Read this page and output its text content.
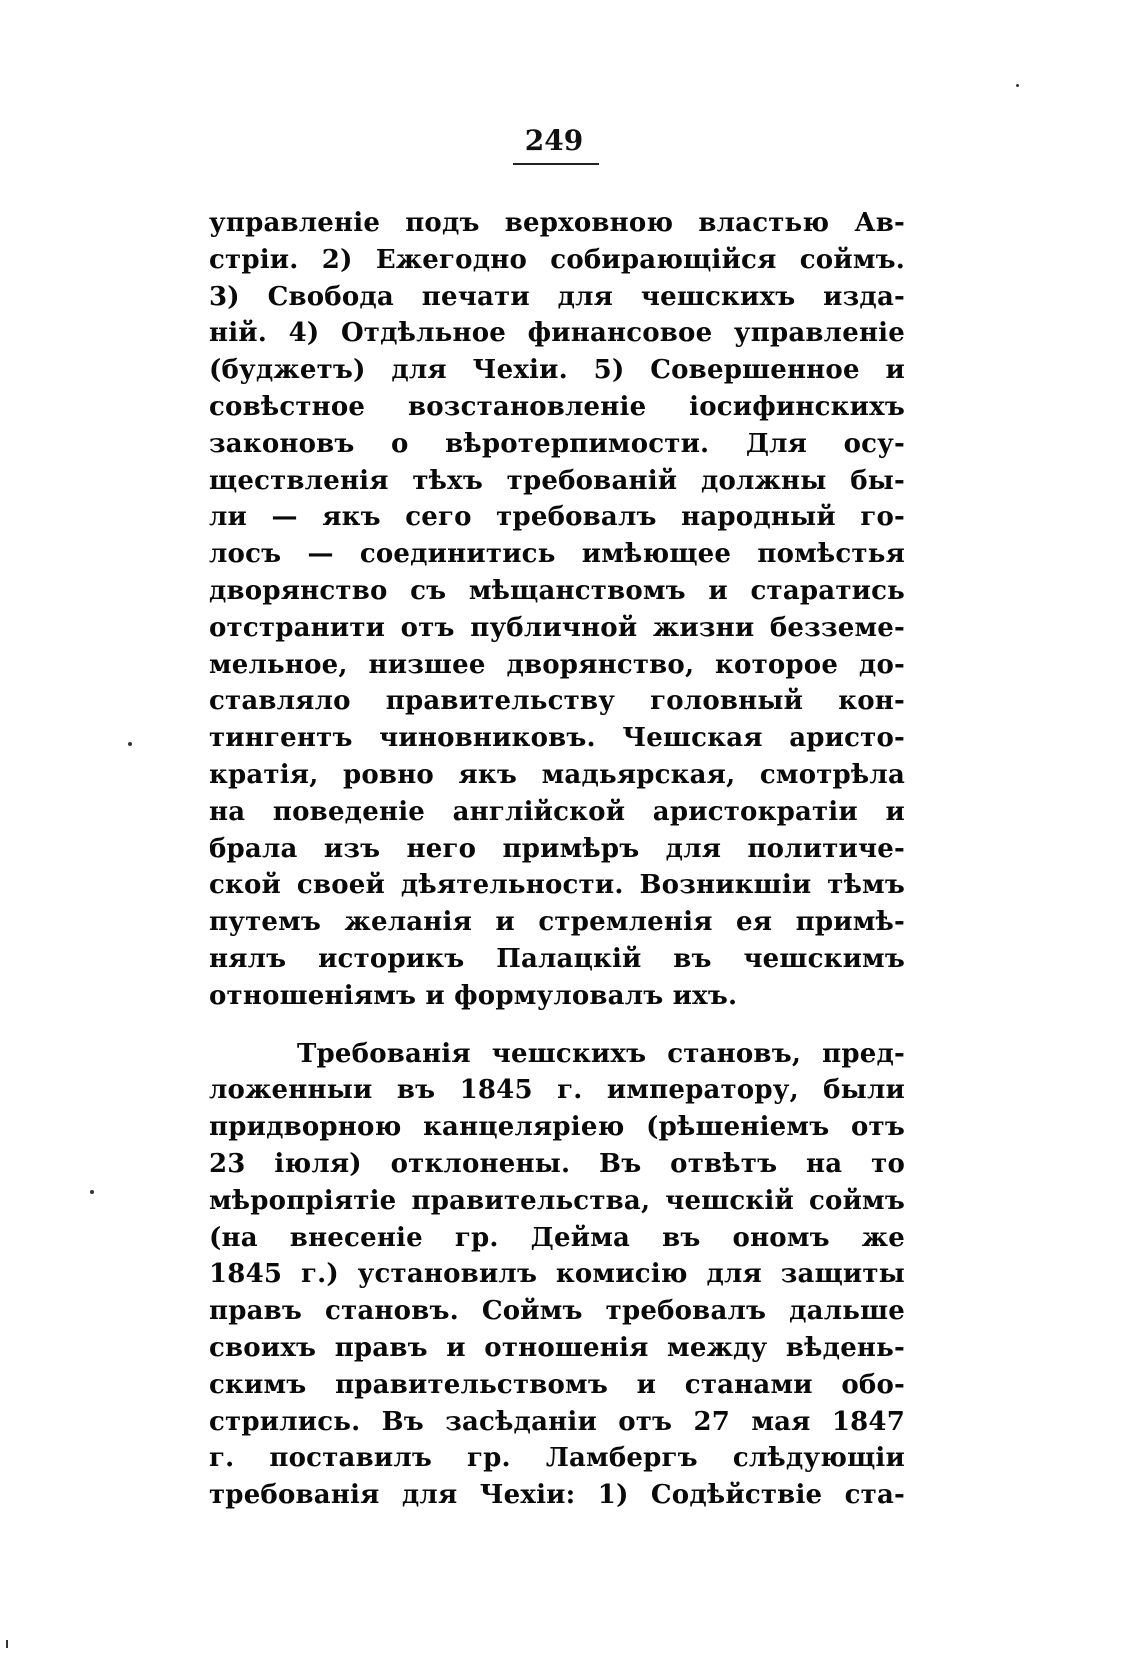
249
управленіе подъ верховною властью Ав-
стріи. 2) Ежегодно собирающійся соймъ.
3) Свобода печати для чешскихъ изда-
ній. 4) Отдѣльное финансовое управленіе
(буджетъ) для Чехіи. 5) Совершенное и
совѣстное возстановленіе іосифинскихъ
законовъ о вѣротерпимости. Для осу-
ществленія тѣхъ требованій должны бы-
ли — якъ сего требовалъ народный го-
лосъ — соединитись имѣющее помѣстья
дворянство съ мѣщанствомъ и старатись
отстранити отъ публичной жизни безземе-
мельное, низшее дворянство, которое до-
ставляло правительству головный кон-
тингентъ чиновниковъ. Чешская аристо-
кратія, ровно якъ мадьярская, смотрѣла
на поведеніе англійской аристократіи и
брала изъ него примѣръ для политиче-
ской своей дѣятельности. Возникшіи тѣмъ
путемъ желанія и стремленія ея примѣ-
нялъ историкъ Палацкій въ чешскимъ
отношеніямъ и формуловалъ ихъ.
Требованія чешскихъ становъ, пред-
ложенныи въ 1845 г. императору, были
придворною канцеляріею (рѣшеніемъ отъ
23 іюля) отклонены. Въ отвѣтъ на то
мѣропріятіе правительства, чешскій соймъ
(на внесеніе гр. Дейма въ ономъ же
1845 г.) установилъ комисію для защиты
правъ становъ. Соймъ требовалъ дальше
своихъ правъ и отношенія между вѣдень-
скимъ правительствомъ и станами обо-
стрились. Въ засѣданіи отъ 27 мая 1847
г. поставилъ гр. Ламбергъ слѣдующіи
требованія для Чехіи: 1) Содѣйствіе ста-
